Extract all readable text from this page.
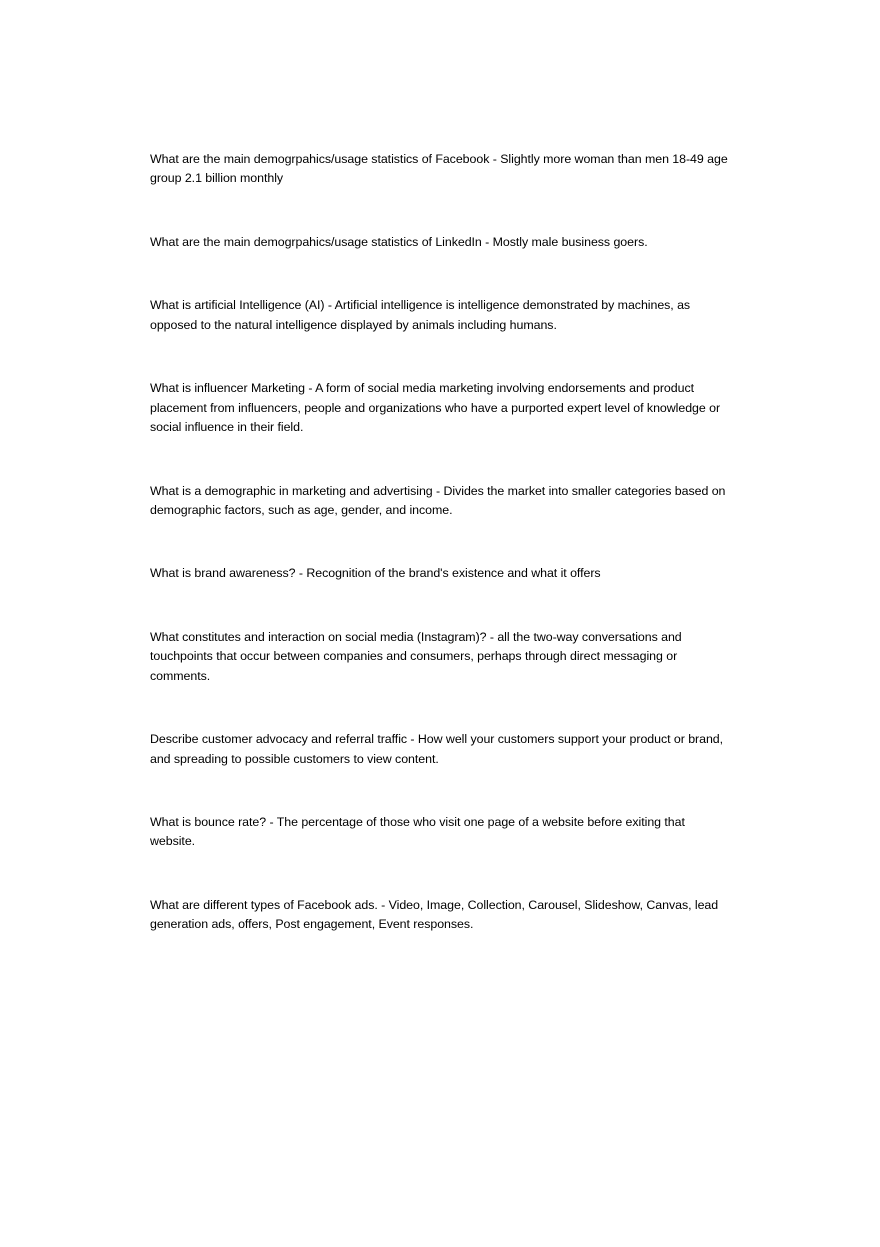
What are the main demogrpahics/usage statistics of Facebook - Slightly more woman than men 18-49 age group 2.1 billion monthly

What are the main demogrpahics/usage statistics of LinkedIn - Mostly male business goers.

What is artificial Intelligence (AI) - Artificial intelligence is intelligence demonstrated by machines, as opposed to the natural intelligence displayed by animals including humans.

What is influencer Marketing - A form of social media marketing involving endorsements and product placement from influencers, people and organizations who have a purported expert level of knowledge or social influence in their field.

What is a demographic in marketing and advertising - Divides the market into smaller categories based on demographic factors, such as age, gender, and income.

What is brand awareness? - Recognition of the brand's existence and what it offers

What constitutes and interaction on social media (Instagram)? - all the two-way conversations and touchpoints that occur between companies and consumers, perhaps through direct messaging or comments.

Describe customer advocacy and referral traffic - How well your customers support your product or brand, and spreading to possible customers to view content.

What is bounce rate? - The percentage of those who visit one page of a website before exiting that website.

What are different types of Facebook ads. - Video, Image, Collection, Carousel, Slideshow, Canvas, lead generation ads, offers, Post engagement, Event responses.
